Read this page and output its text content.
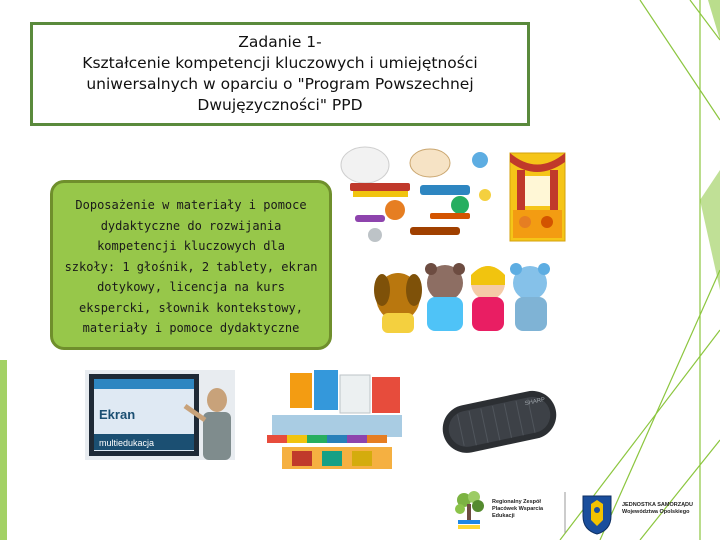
Zadanie 1-
Kształcenie kompetencji kluczowych i umiejętności
uniwersalnych w oparciu o "Program Powszechnej
Dwujęzyczności" PPD
Doposażenie w materiały i pomoce
dydaktyczne do rozwijania
kompetencji kluczowych dla
szkoły: 1 głośnik, 2 tablety, ekran
dotykowy, licencja na kurs
ekspercki, słownik kontekstowy,
materiały i pomoce dydaktyczne
Ekran
multiedukacja
SHARP
Regionalny Zespół
Placówek Wsparcia
Edukacji
JEDNOSTKA SAMORZĄDU
Województwa Opolskiego
